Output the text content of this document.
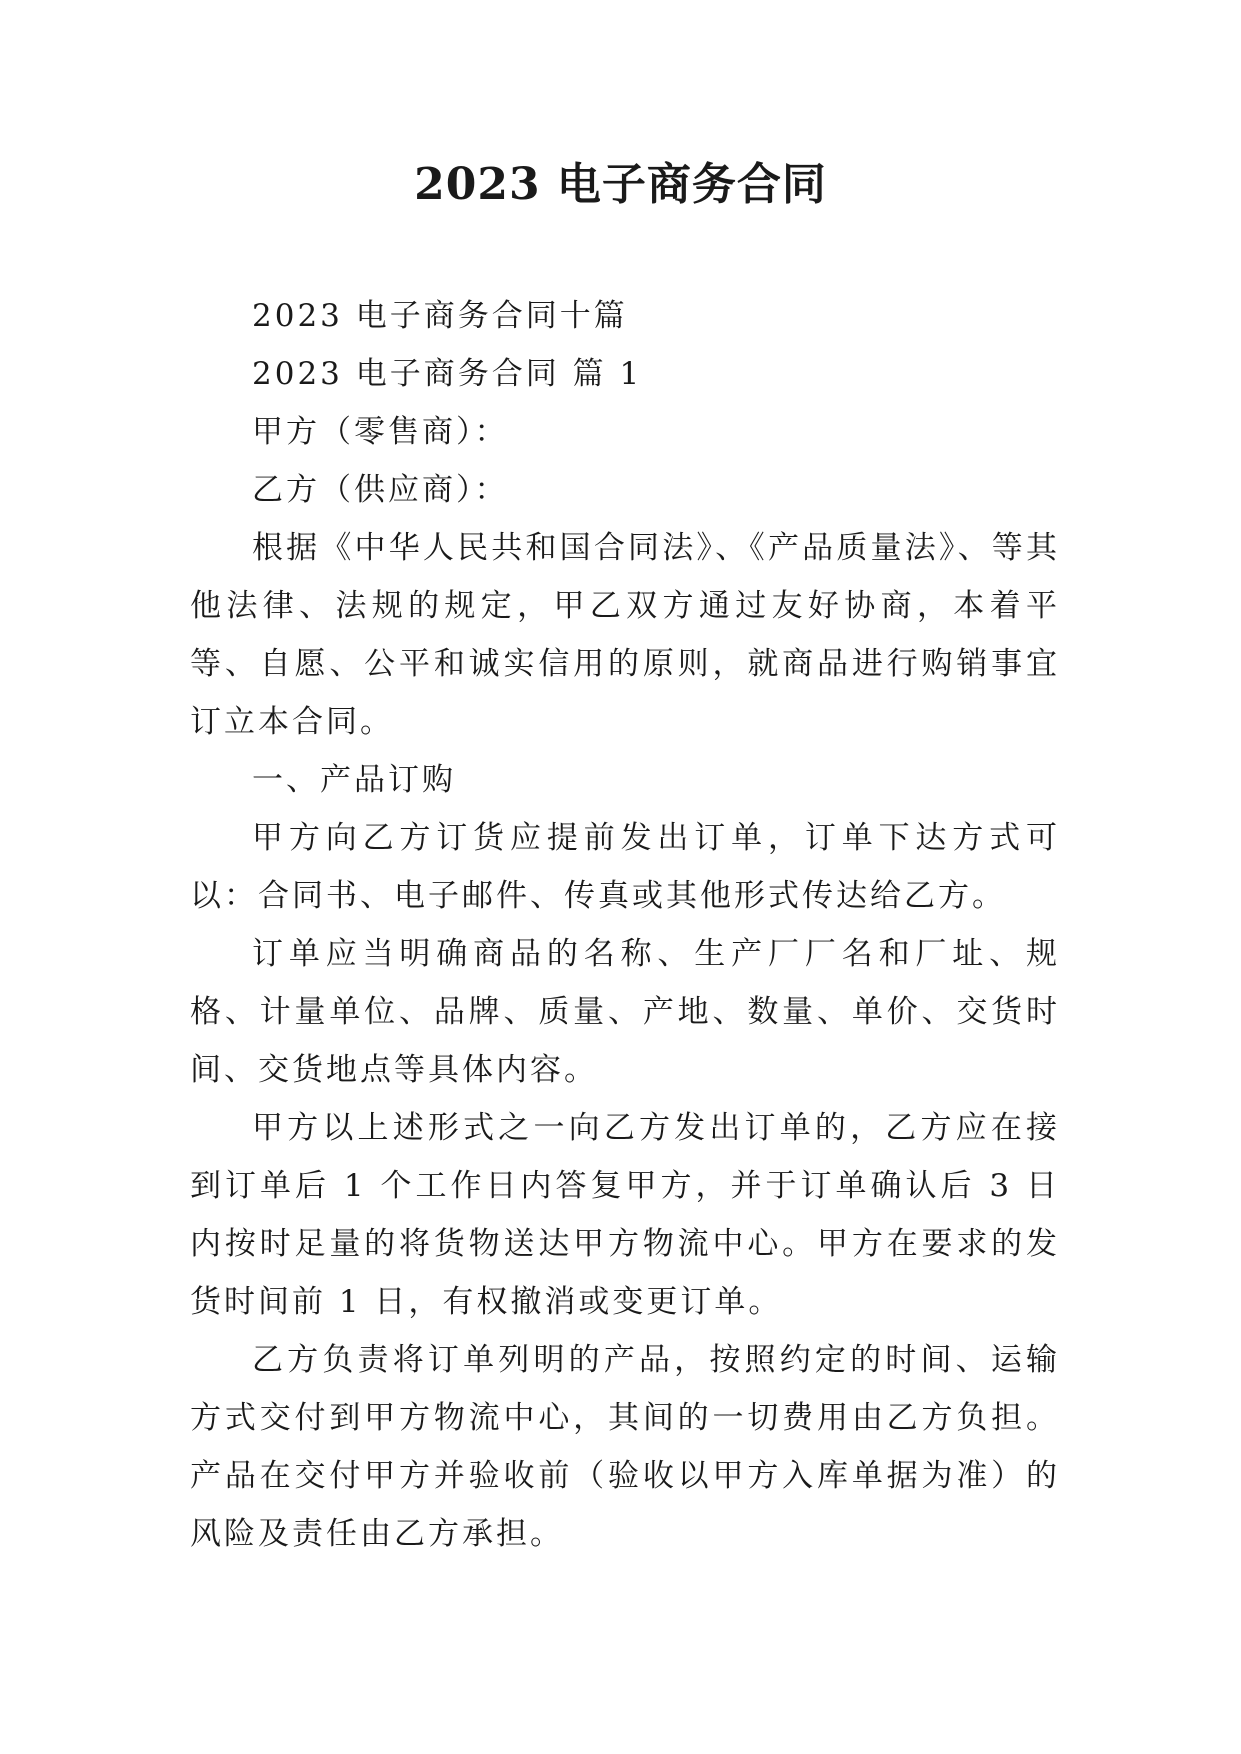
2023 电子商务合同

2023 电子商务合同十篇

2023 电子商务合同 篇 1

甲方（零售商）：

乙方（供应商）：

根据《中华人民共和国合同法》、《产品质量法》、等其他法律、法规的规定，甲乙双方通过友好协商，本着平等、自愿、公平和诚实信用的原则，就商品进行购销事宜订立本合同。

一、产品订购

甲方向乙方订货应提前发出订单，订单下达方式可以：合同书、电子邮件、传真或其他形式传达给乙方。

订单应当明确商品的名称、生产厂厂名和厂址、规格、计量单位、品牌、质量、产地、数量、单价、交货时间、交货地点等具体内容。

甲方以上述形式之一向乙方发出订单的，乙方应在接到订单后 1 个工作日内答复甲方，并于订单确认后 3 日内按时足量的将货物送达甲方物流中心。甲方在要求的发货时间前 1 日，有权撤消或变更订单。

乙方负责将订单列明的产品，按照约定的时间、运输方式交付到甲方物流中心，其间的一切费用由乙方负担。产品在交付甲方并验收前（验收以甲方入库单据为准）的风险及责任由乙方承担。
